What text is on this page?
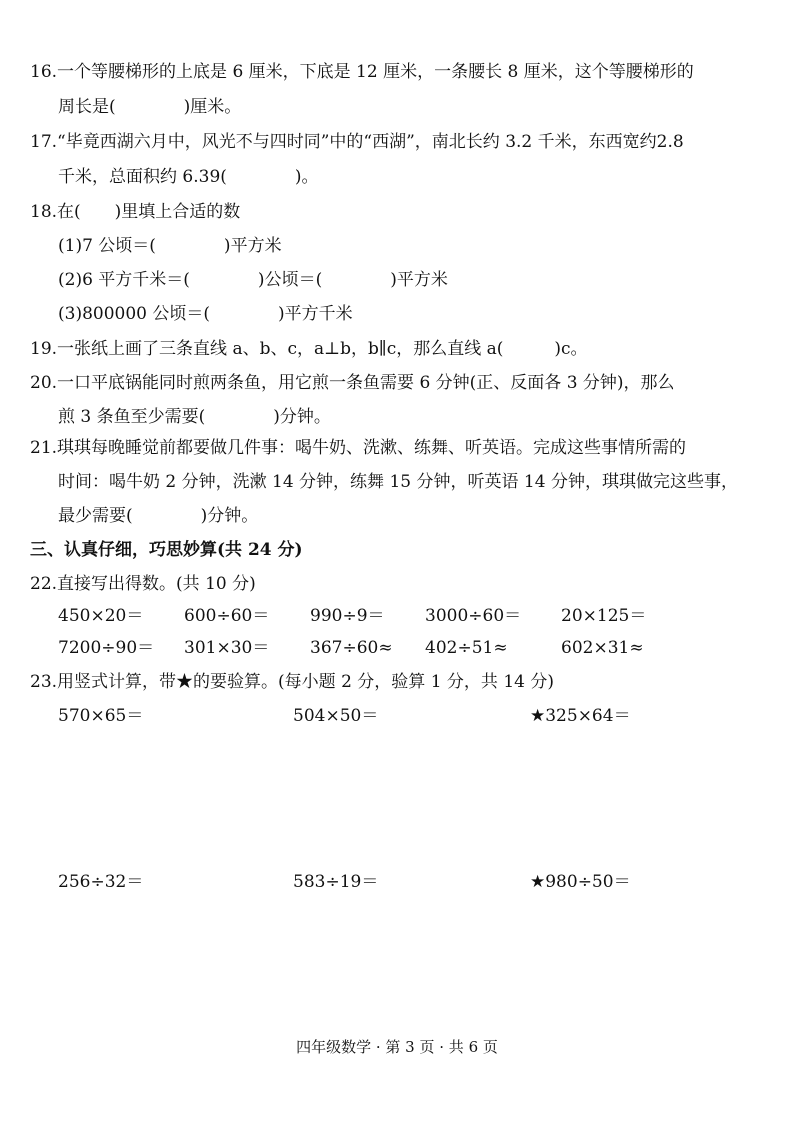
16.一个等腰梯形的上底是 6 厘米，下底是 12 厘米，一条腰长 8 厘米，这个等腰梯形的
周长是(　　　　)厘米。
17.“毕竟西湖六月中，风光不与四时同”中的“西湖”，南北长约 3.2 千米，东西宽约2.8
千米，总面积约 6.39(　　　　)。
18.在(　　)里填上合适的数
(1)7 公顷＝(　　　　)平方米
(2)6 平方千米＝(　　　　)公顷＝(　　　　)平方米
(3)800000 公顷＝(　　　　)平方千米
19.一张纸上画了三条直线 a、b、c，a⊥b，b∥c，那么直线 a(　　　)c。
20.一口平底锅能同时煎两条鱼，用它煎一条鱼需要 6 分钟(正、反面各 3 分钟)，那么
煎 3 条鱼至少需要(　　　　)分钟。
21.琪琪每晚睡觉前都要做几件事：喝牛奶、洗漱、练舞、听英语。完成这些事情所需的
时间：喝牛奶 2 分钟，洗漱 14 分钟，练舞 15 分钟，听英语 14 分钟，琪琪做完这些事，
最少需要(　　　　)分钟。
三、认真仔细，巧思妙算(共 24 分)
22.直接写出得数。(共 10 分)
450×20＝ 600÷60＝ 990÷9＝ 3000÷60＝ 20×125＝
7200÷90＝ 301×30＝ 367÷60≈ 402÷51≈	602×31≈
23.用竖式计算，带★的要验算。(每小题 2 分，验算 1 分，共 14 分)
570×65＝	504×50＝	★325×64＝
256÷32＝	583÷19＝	★980÷50＝
四年级数学 · 第 3 页 · 共 6 页
